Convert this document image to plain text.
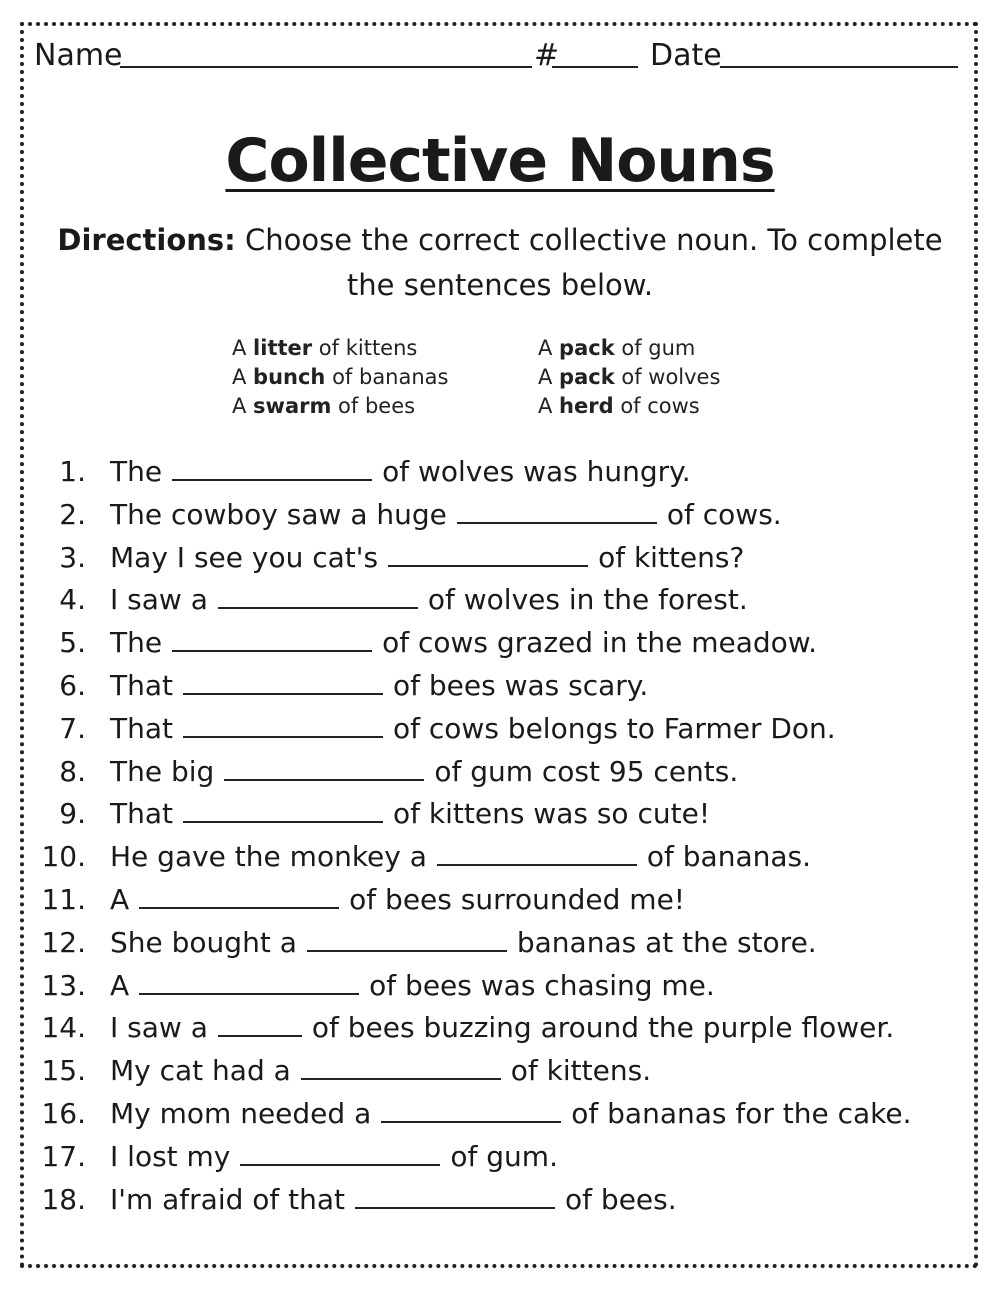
Name	#	Date
Collective Nouns
Directions: Choose the correct collective noun. To complete the sentences below.
A litter of kittens
A bunch of bananas
A swarm of bees
A pack of gum
A pack of wolves
A herd of cows
1. The	of wolves was hungry.
2. The cowboy saw a huge	of cows.
3. May I see you cat's	of kittens?
4. I saw a	of wolves in the forest.
5. The	of cows grazed in the meadow.
6. That	of bees was scary.
7. That	of cows belongs to Farmer Don.
8. The big	of gum cost 95 cents.
9. That	of kittens was so cute!
10. He gave the monkey a	of bananas.
11. A	of bees surrounded me!
12. She bought a	bananas at the store.
13. A	of bees was chasing me.
14. I saw a	of bees buzzing around the purple flower.
15. My cat had a	of kittens.
16. My mom needed a	of bananas for the cake.
17. I lost my	of gum.
18. I'm afraid of that	of bees.
